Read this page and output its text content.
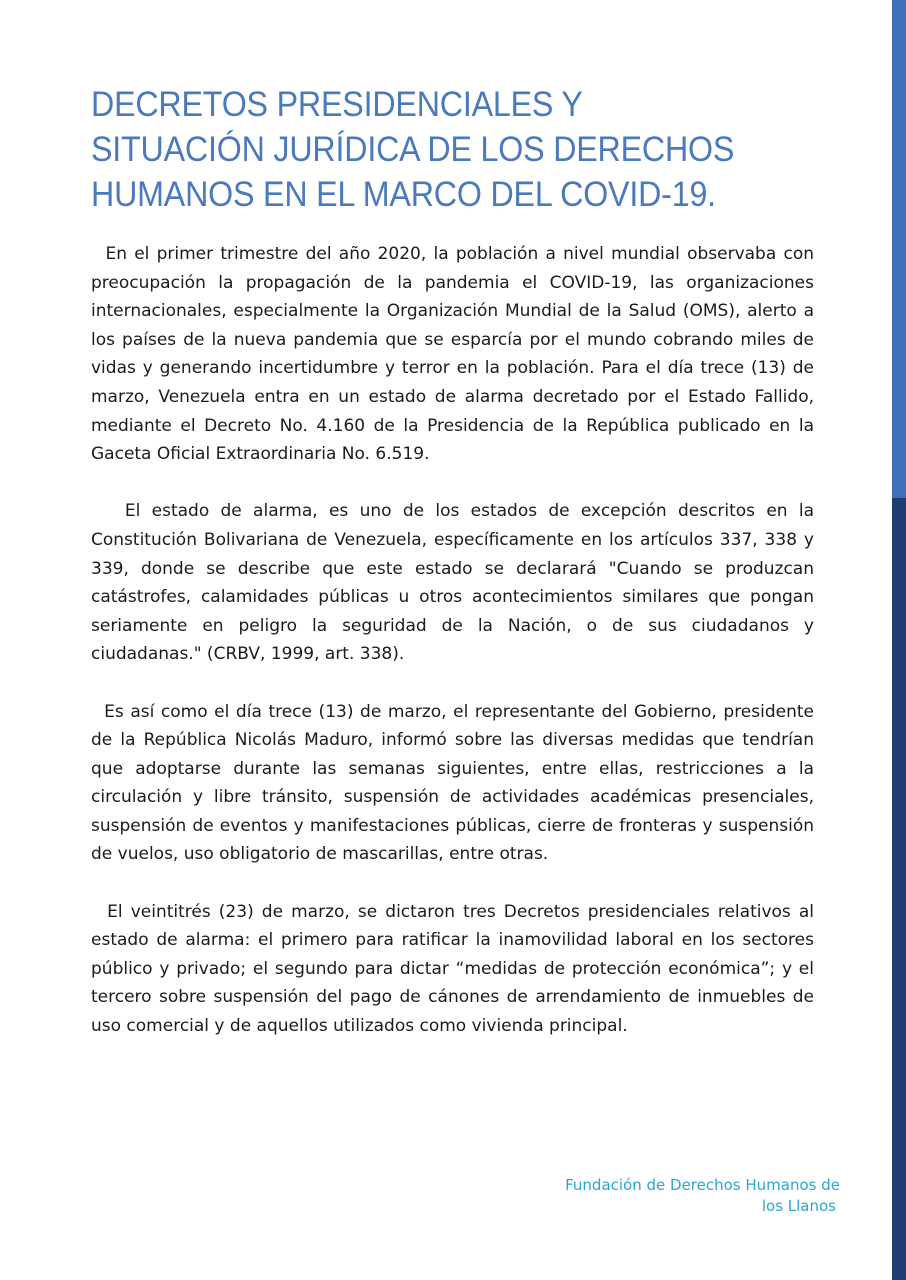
DECRETOS PRESIDENCIALES Y SITUACIÓN JURÍDICA DE LOS DERECHOS HUMANOS EN EL MARCO DEL COVID-19.

En el primer trimestre del año 2020, la población a nivel mundial observaba con preocupación la propagación de la pandemia el COVID-19, las organizaciones internacionales, especialmente la Organización Mundial de la Salud (OMS), alerto a los países de la nueva pandemia que se esparcía por el mundo cobrando miles de vidas y generando incertidumbre y terror en la población. Para el día trece (13) de marzo, Venezuela entra en un estado de alarma decretado por el Estado Fallido, mediante el Decreto No. 4.160 de la Presidencia de la República publicado en la Gaceta Oficial Extraordinaria No. 6.519.

El estado de alarma, es uno de los estados de excepción descritos en la Constitución Bolivariana de Venezuela, específicamente en los artículos 337, 338 y 339, donde se describe que este estado se declarará "Cuando se produzcan catástrofes, calamidades públicas u otros acontecimientos similares que pongan seriamente en peligro la seguridad de la Nación, o de sus ciudadanos y ciudadanas." (CRBV, 1999, art. 338).

Es así como el día trece (13) de marzo, el representante del Gobierno, presidente de la República Nicolás Maduro, informó sobre las diversas medidas que tendrían que adoptarse durante las semanas siguientes, entre ellas, restricciones a la circulación y libre tránsito, suspensión de actividades académicas presenciales, suspensión de eventos y manifestaciones públicas, cierre de fronteras y suspensión de vuelos, uso obligatorio de mascarillas, entre otras.

El veintitrés (23) de marzo, se dictaron tres Decretos presidenciales relativos al estado de alarma: el primero para ratificar la inamovilidad laboral en los sectores público y privado; el segundo para dictar “medidas de protección económica”; y el tercero sobre suspensión del pago de cánones de arrendamiento de inmuebles de uso comercial y de aquellos utilizados como vivienda principal.

Fundación de Derechos Humanos de
los Llanos
